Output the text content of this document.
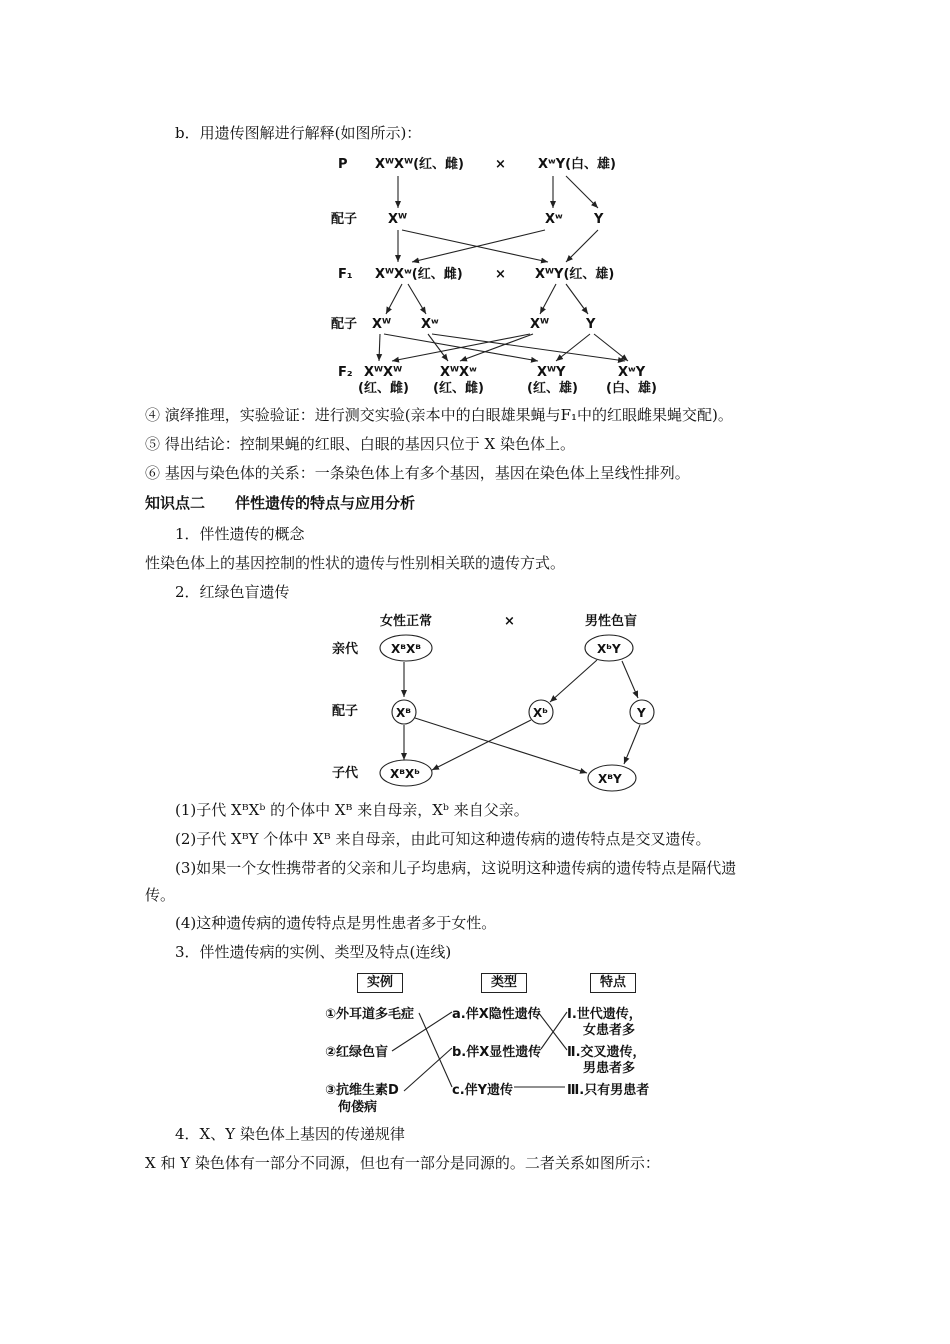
b．用遗传图解进行解释(如图所示)：
P
配子
F₁
配子
F₂
XᵂXᵂ(红、雌) × XʷY(白、雄)
Xᵂ	Xʷ Y
XᵂXʷ(红、雌) × XᵂY(红、雄)
Xᵂ Xʷ	Xᵂ	Y
XᵂXᵂ
(红、雌)
XᵂXʷ
(红、雌)
XᵂY
(红、雄)
XʷY
(白、雄)
④ 演绎推理，实验验证：进行测交实验(亲本中的白眼雄果蝇与F₁中的红眼雌果蝇交配)。
⑤ 得出结论：控制果蝇的红眼、白眼的基因只位于 X 染色体上。
⑥ 基因与染色体的关系：一条染色体上有多个基因，基因在染色体上呈线性排列。
知识点二　　伴性遗传的特点与应用分析
1．伴性遗传的概念
性染色体上的基因控制的性状的遗传与性别相关联的遗传方式。
2．红绿色盲遗传
女性正常	×	男性色盲
亲代
配子
子代
XᴮXᴮ	XᵇY
Xᴮ	Xᵇ	Y
XᴮXᵇ	XᴮY
(1)子代 XᴮXᵇ 的个体中 Xᴮ 来自母亲，Xᵇ 来自父亲。
(2)子代 XᴮY 个体中 Xᴮ 来自母亲，由此可知这种遗传病的遗传特点是交叉遗传。
(3)如果一个女性携带者的父亲和儿子均患病，这说明这种遗传病的遗传特点是隔代遗
传。
(4)这种遗传病的遗传特点是男性患者多于女性。
3．伴性遗传病的实例、类型及特点(连线)
实例	类型	特点
①外耳道多毛症
②红绿色盲
③抗维生素D
佝偻病
a.伴X隐性遗传
b.伴X显性遗传
c.伴Y遗传
Ⅰ.世代遗传，
女患者多
Ⅱ.交叉遗传，
男患者多
Ⅲ.只有男患者
4．X、Y 染色体上基因的传递规律
X 和 Y 染色体有一部分不同源，但也有一部分是同源的。二者关系如图所示：
